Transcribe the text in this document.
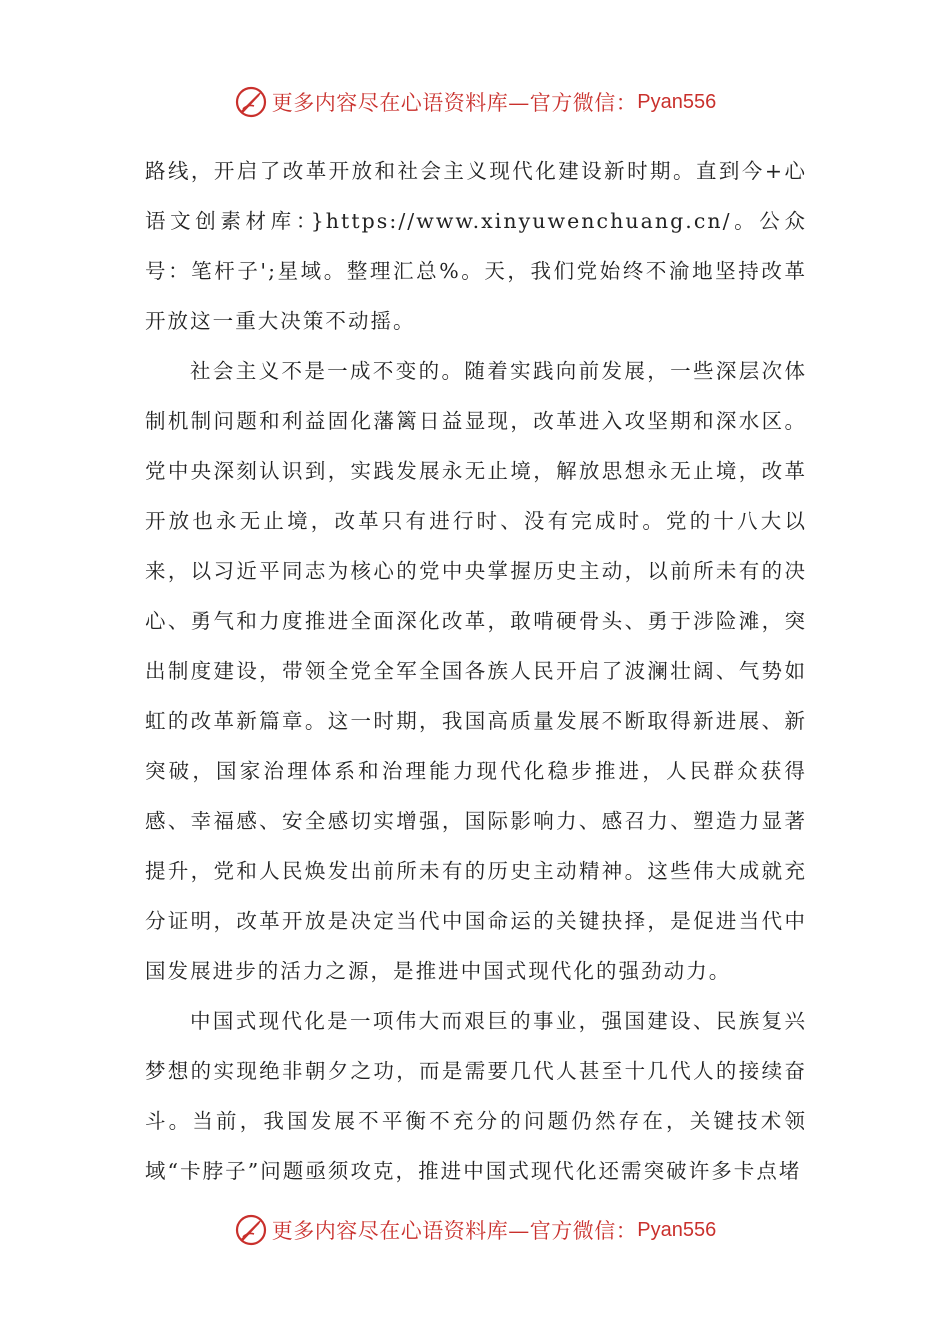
更多内容尽在心语资料库—官方微信： Pyan556

路线，开启了改革开放和社会主义现代化建设新时期。直到今+心语文创素材库：}https://www.xinyuwenchuang.cn/。公众号：笔杆子';星域。整理汇总%。天，我们党始终不渝地坚持改革开放这一重大决策不动摇。

社会主义不是一成不变的。随着实践向前发展，一些深层次体制机制问题和利益固化藩篱日益显现，改革进入攻坚期和深水区。党中央深刻认识到，实践发展永无止境，解放思想永无止境，改革开放也永无止境，改革只有进行时、没有完成时。党的十八大以来，以习近平同志为核心的党中央掌握历史主动，以前所未有的决心、勇气和力度推进全面深化改革，敢啃硬骨头、勇于涉险滩，突出制度建设，带领全党全军全国各族人民开启了波澜壮阔、气势如虹的改革新篇章。这一时期，我国高质量发展不断取得新进展、新突破，国家治理体系和治理能力现代化稳步推进，人民群众获得感、幸福感、安全感切实增强，国际影响力、感召力、塑造力显著提升，党和人民焕发出前所未有的历史主动精神。这些伟大成就充分证明，改革开放是决定当代中国命运的关键抉择，是促进当代中国发展进步的活力之源，是推进中国式现代化的强劲动力。

中国式现代化是一项伟大而艰巨的事业，强国建设、民族复兴梦想的实现绝非朝夕之功，而是需要几代人甚至十几代人的接续奋斗。当前，我国发展不平衡不充分的问题仍然存在，关键技术领域“卡脖子”问题亟须攻克，推进中国式现代化还需突破许多卡点堵

更多内容尽在心语资料库—官方微信： Pyan556
